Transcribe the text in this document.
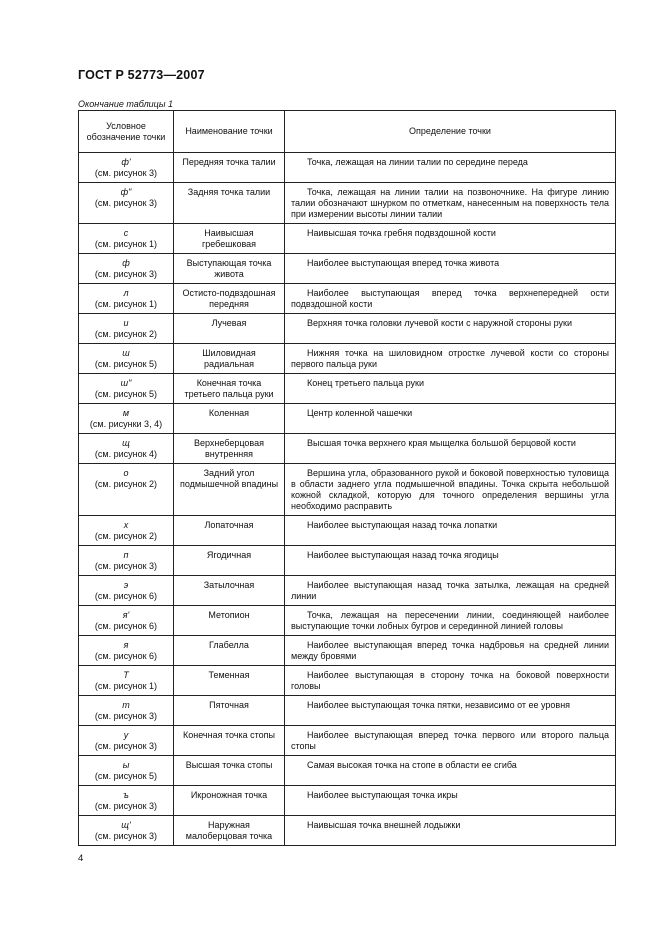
ГОСТ Р 52773—2007
Окончание таблицы 1
Условное обозначение точки	Наименование точки	Определение точки

ф'
(см. рисунок 3)	Передняя точка талии	Точка, лежащая на линии талии по середине переда

ф"
(см. рисунок 3)	Задняя точка талии	Точка, лежащая на линии талии на позвоночнике. На фигуре линию талии обозначают шнурком по отметкам, нанесенным на поверхность тела при измерении высоты линии талии

с
(см. рисунок 1)	Наивысшая гребешковая	Наивысшая точка гребня подвздошной кости

ф
(см. рисунок 3)	Выступающая точка живота	Наиболее выступающая вперед точка живота

л
(см. рисунок 1)	Остисто-подвздошная передняя	Наиболее выступающая вперед точка верхнепередней ости подвздошной кости

и
(см. рисунок 2)	Лучевая	Верхняя точка головки лучевой кости с наружной стороны руки

ш
(см. рисунок 5)	Шиловидная радиальная	Нижняя точка на шиловидном отростке лучевой кости со стороны первого пальца руки

ш"
(см. рисунок 5)	Конечная точка третьего пальца руки	Конец третьего пальца руки

м
(см. рисунки 3, 4)	Коленная	Центр коленной чашечки

щ
(см. рисунок 4)	Верхнеберцовая внутренняя	Высшая точка верхнего края мыщелка большой берцовой кости

о
(см. рисунок 2)	Задний угол подмышечной впадины	Вершина угла, образованного рукой и боковой поверхностью туловища в области заднего угла подмышечной впадины. Точка скрыта небольшой кожной складкой, которую для точного определения вершины угла необходимо расправить

х
(см. рисунок 2)	Лопаточная	Наиболее выступающая назад точка лопатки

п
(см. рисунок 3)	Ягодичная	Наиболее выступающая назад точка ягодицы

э
(см. рисунок 6)	Затылочная	Наиболее выступающая назад точка затылка, лежащая на средней линии

я'
(см. рисунок 6)	Метопион	Точка, лежащая на пересечении линии, соединяющей наиболее выступающие точки лобных бугров и серединной линией головы

я
(см. рисунок 6)	Глабелла	Наиболее выступающая вперед точка надбровья на средней линии между бровями

Т
(см. рисунок 1)	Теменная	Наиболее выступающая в сторону точка на боковой поверхности головы

т
(см. рисунок 3)	Пяточная	Наиболее выступающая точка пятки, независимо от ее уровня

у
(см. рисунок 3)	Конечная точка стопы	Наиболее выступающая вперед точка первого или второго пальца стопы

ы
(см. рисунок 5)	Высшая точка стопы	Самая высокая точка на стопе в области ее сгиба

ъ
(см. рисунок 3)	Икроножная точка	Наиболее выступающая точка икры

щ'
(см. рисунок 3)	Наружная малоберцовая точка	Наивысшая точка внешней лодыжки
4
